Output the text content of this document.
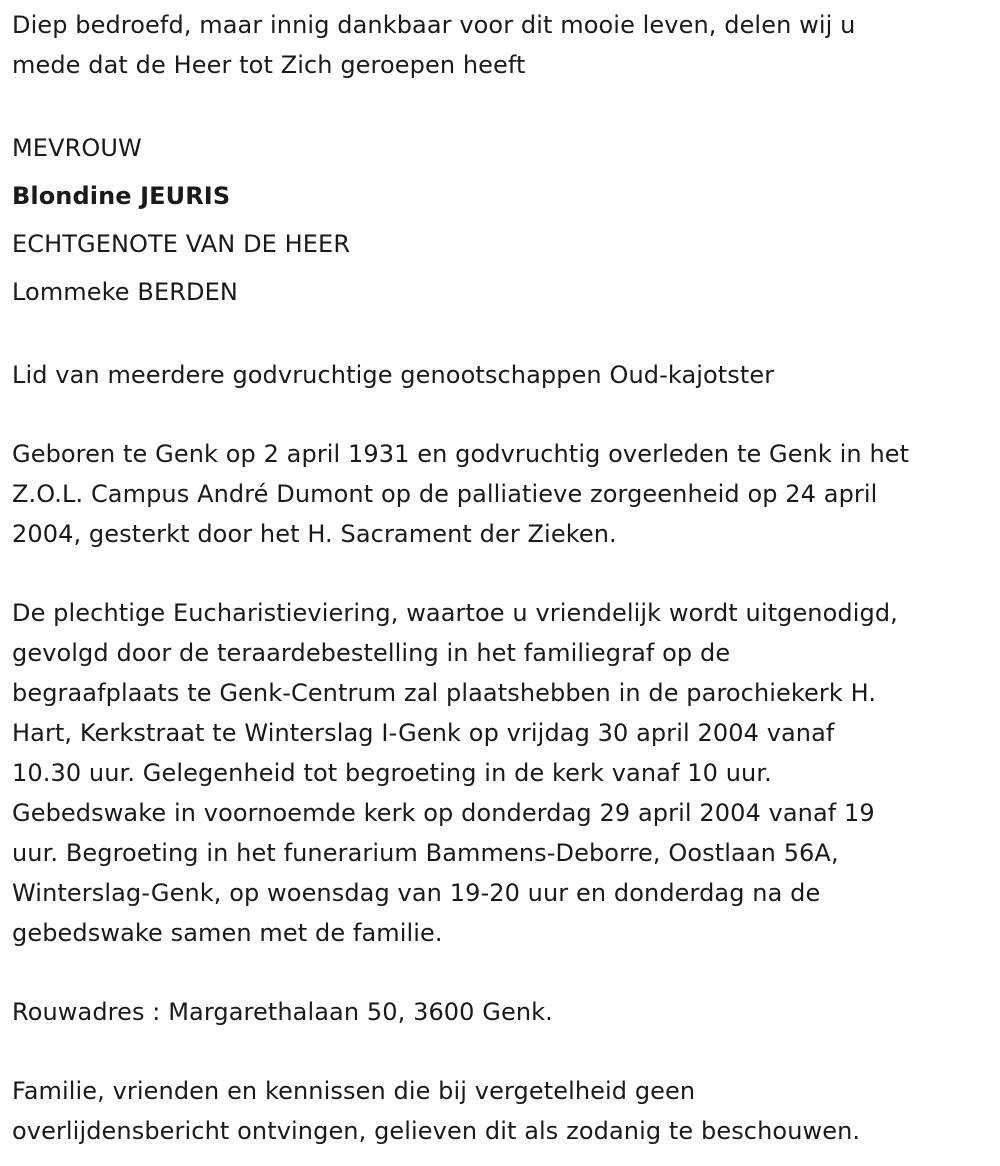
Diep bedroefd, maar innig dankbaar voor dit mooie leven, delen wij u
mede dat de Heer tot Zich geroepen heeft
MEVROUW
Blondine JEURIS
ECHTGENOTE VAN DE HEER
Lommeke BERDEN
Lid van meerdere godvruchtige genootschappen Oud-kajotster
Geboren te Genk op 2 april 1931 en godvruchtig overleden te Genk in het
Z.O.L. Campus André Dumont op de palliatieve zorgeenheid op 24 april
2004, gesterkt door het H. Sacrament der Zieken.
De plechtige Eucharistieviering, waartoe u vriendelijk wordt uitgenodigd,
gevolgd door de teraardebestelling in het familiegraf op de
begraafplaats te Genk-Centrum zal plaatshebben in de parochiekerk H.
Hart, Kerkstraat te Winterslag I-Genk op vrijdag 30 april 2004 vanaf
10.30 uur. Gelegenheid tot begroeting in de kerk vanaf 10 uur.
Gebedswake in voornoemde kerk op donderdag 29 april 2004 vanaf 19
uur. Begroeting in het funerarium Bammens-Deborre, Oostlaan 56A,
Winterslag-Genk, op woensdag van 19-20 uur en donderdag na de
gebedswake samen met de familie.
Rouwadres : Margarethalaan 50, 3600 Genk.
Familie, vrienden en kennissen die bij vergetelheid geen
overlijdensbericht ontvingen, gelieven dit als zodanig te beschouwen.
